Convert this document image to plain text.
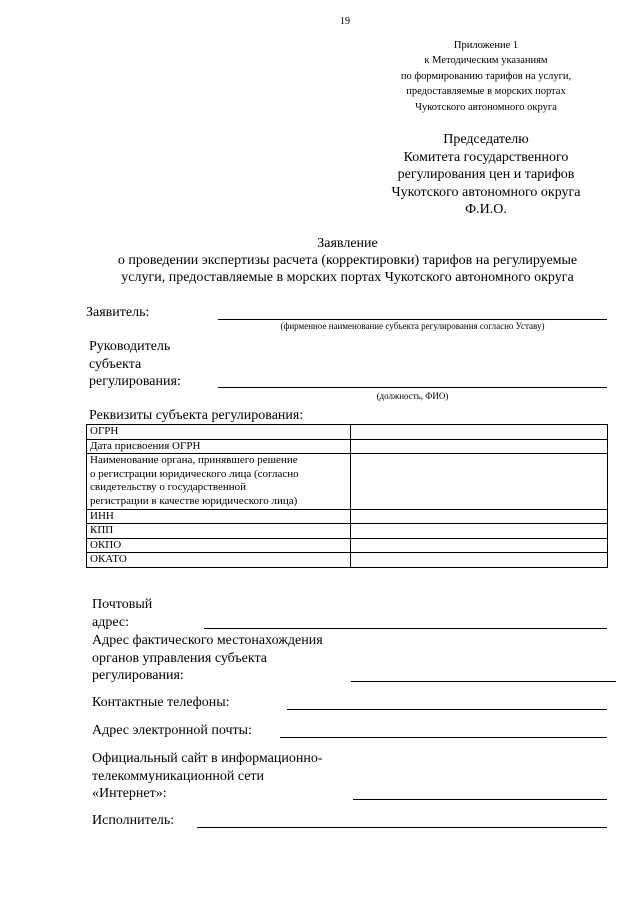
19
Приложение 1
к Методическим указаниям
по формированию тарифов на услуги,
предоставляемые в морских портах
Чукотского автономного округа
Председателю
Комитета государственного
регулирования цен и тарифов
Чукотского автономного округа
Ф.И.О.
Заявление
о проведении экспертизы расчета (корректировки) тарифов на регулируемые
услуги, предоставляемые в морских портах Чукотского автономного округа
Заявитель:
(фирменное наименование субъекта регулирования согласно Уставу)
Руководитель
субъекта
регулирования:
(должность, ФИО)
Реквизиты субъекта регулирования:
ОГРН	

Дата присвоения ОГРН	

Наименование органа, принявшего решение
о регистрации юридического лица (согласно
свидетельству о государственной
регистрации в качестве юридического лица)	

ИНН	

КПП	

ОКПО	

ОКАТО	

Почтовый
адрес:
Адрес фактического местонахождения
органов управления субъекта
регулирования:
Контактные телефоны:
Адрес электронной почты:
Официальный сайт в информационно-
телекоммуникационной сети
«Интернет»:
Исполнитель:
